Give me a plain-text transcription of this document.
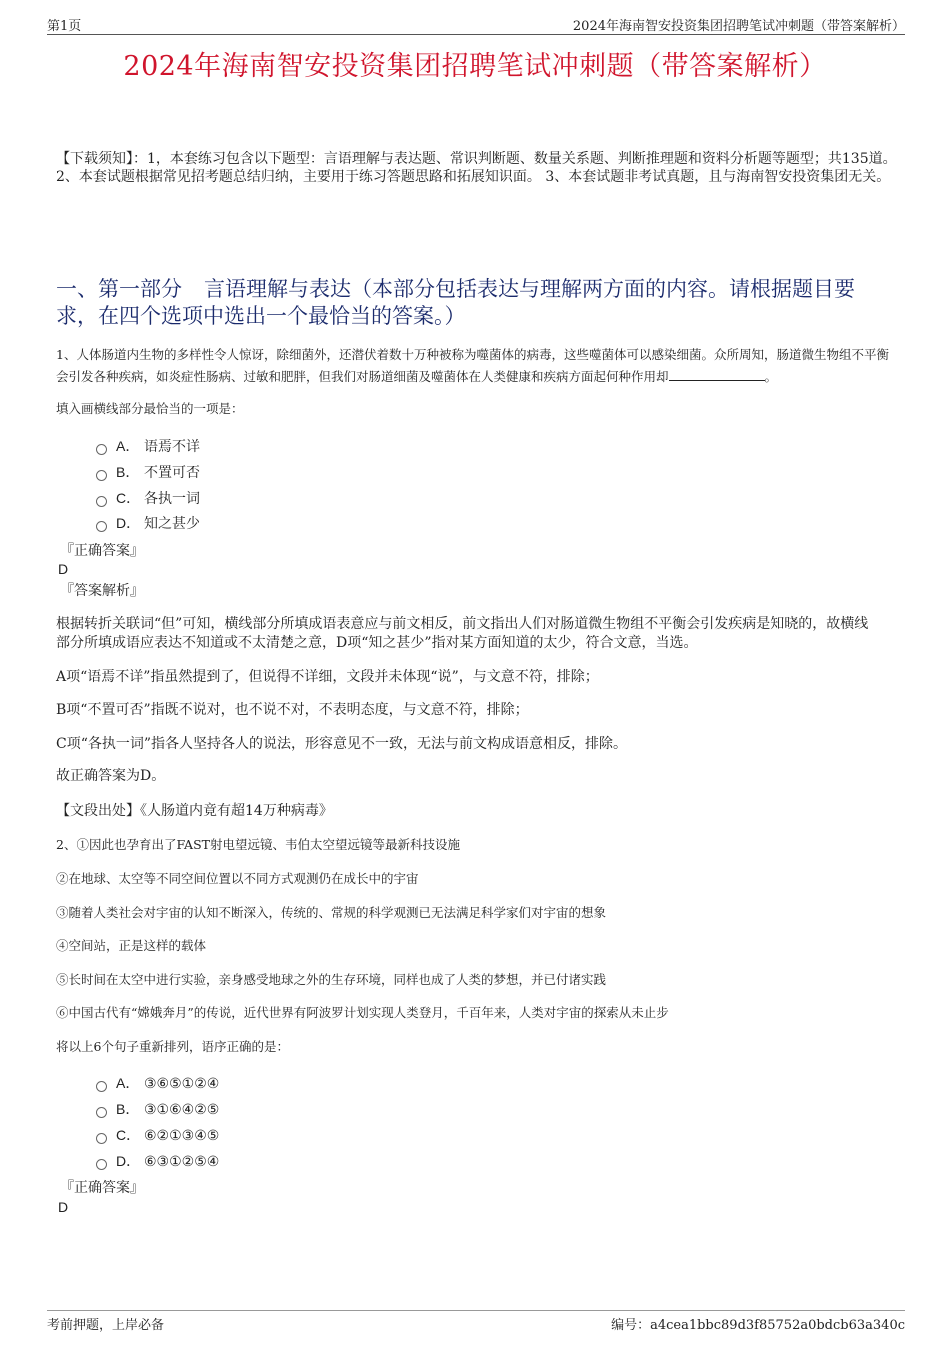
第1页	2024年海南智安投资集团招聘笔试冲刺题（带答案解析）
2024年海南智安投资集团招聘笔试冲刺题（带答案解析）
【下载须知】：1，本套练习包含以下题型：言语理解与表达题、常识判断题、数量关系题、判断推理题和资料分析题等题型；共135道。 2、本套试题根据常见招考题总结归纳，主要用于练习答题思路和拓展知识面。 3、本套试题非考试真题，且与海南智安投资集团无关。
一、第一部分 言语理解与表达（本部分包括表达与理解两方面的内容。请根据题目要求，在四个选项中选出一个最恰当的答案。）
1、人体肠道内生物的多样性令人惊讶，除细菌外，还潜伏着数十万种被称为噬菌体的病毒，这些噬菌体可以感染细菌。众所周知，肠道微生物组不平衡会引发各种疾病，如炎症性肠病、过敏和肥胖，但我们对肠道细菌及噬菌体在人类健康和疾病方面起何种作用却	。
填入画横线部分最恰当的一项是：
A． 语焉不详
B． 不置可否
C． 各执一词
D． 知之甚少
『正确答案』
D
『答案解析』
根据转折关联词“但”可知，横线部分所填成语表意应与前文相反，前文指出人们对肠道微生物组不平衡会引发疾病是知晓的，故横线部分所填成语应表达不知道或不太清楚之意，D项“知之甚少”指对某方面知道的太少，符合文意，当选。
A项“语焉不详”指虽然提到了，但说得不详细，文段并未体现“说”，与文意不符，排除；
B项“不置可否”指既不说对，也不说不对，不表明态度，与文意不符，排除；
C项“各执一词”指各人坚持各人的说法，形容意见不一致，无法与前文构成语意相反，排除。
故正确答案为D。
【文段出处】《人肠道内竟有超14万种病毒》
2、①因此也孕育出了FAST射电望远镜、韦伯太空望远镜等最新科技设施
②在地球、太空等不同空间位置以不同方式观测仍在成长中的宇宙
③随着人类社会对宇宙的认知不断深入，传统的、常规的科学观测已无法满足科学家们对宇宙的想象
④空间站，正是这样的载体
⑤长时间在太空中进行实验，亲身感受地球之外的生存环境，同样也成了人类的梦想，并已付诸实践
⑥中国古代有“嫦娥奔月”的传说，近代世界有阿波罗计划实现人类登月，千百年来，人类对宇宙的探索从未止步
将以上6个句子重新排列，语序正确的是：
A． ③⑥⑤①②④
B． ③①⑥④②⑤
C． ⑥②①③④⑤
D． ⑥③①②⑤④
『正确答案』
D
考前押题，上岸必备	编号：a4cea1bbc89d3f85752a0bdcb63a340c
